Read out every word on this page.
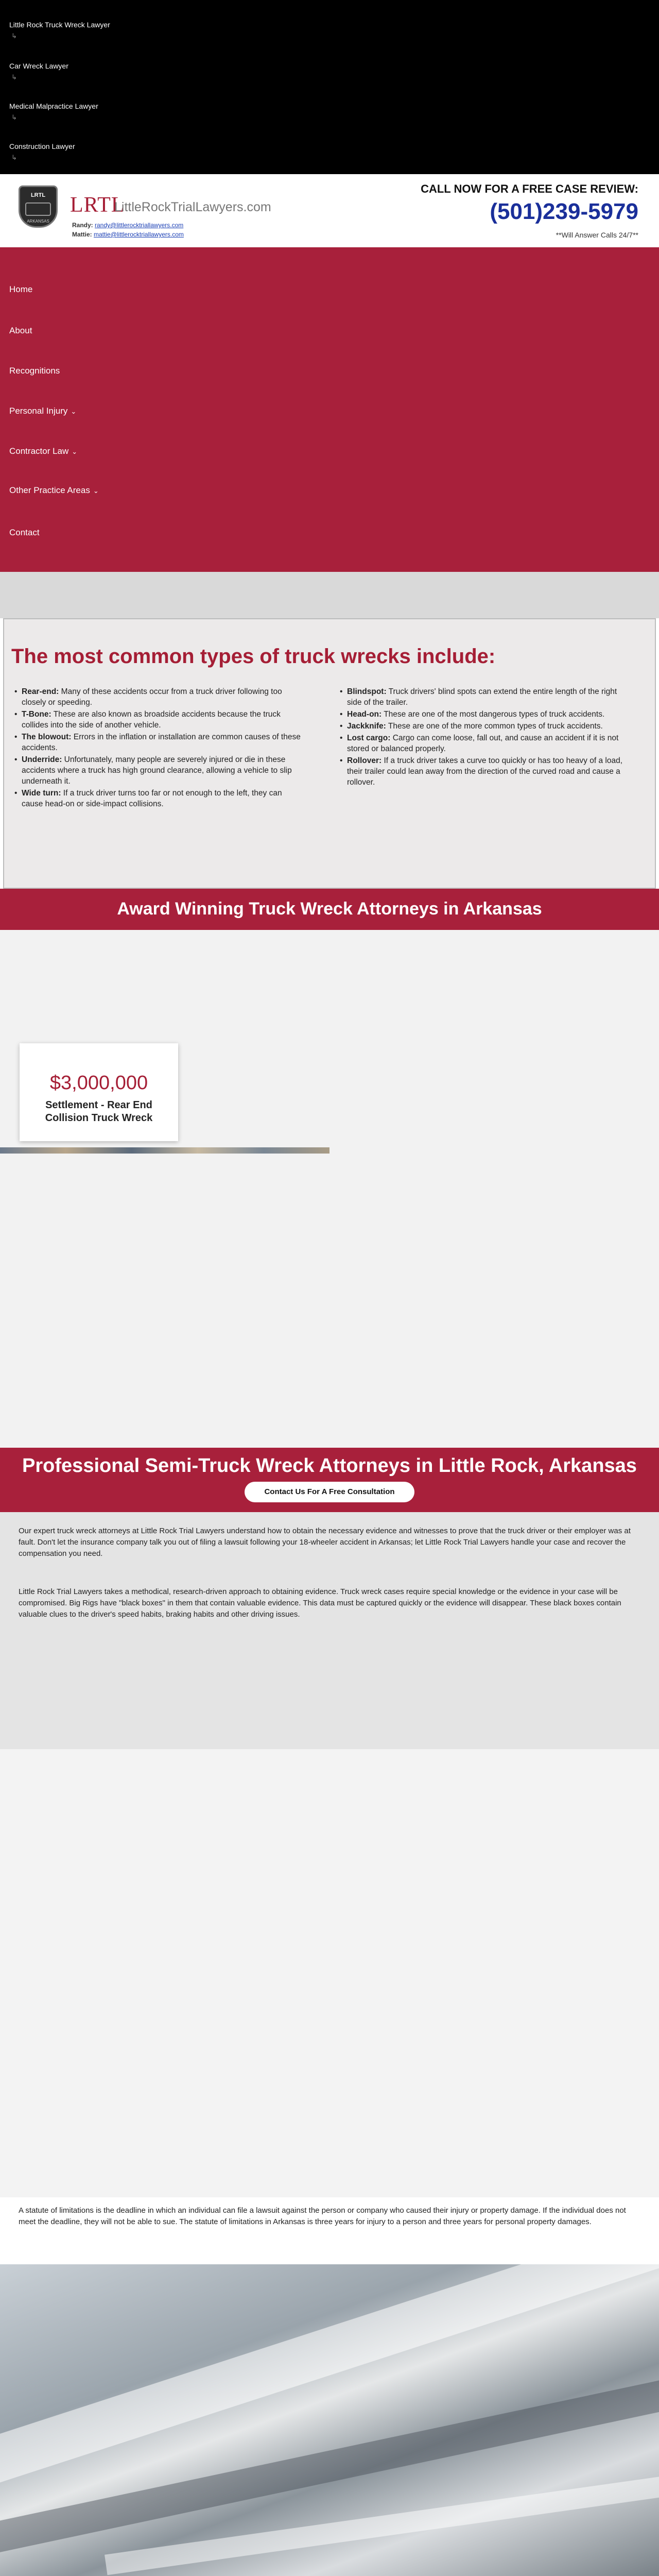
Little Rock Truck Wreck Lawyer
↳
Car Wreck Lawyer
↳
Medical Malpractice Lawyer
↳
Construction Lawyer
↳
LRTL
ARKANSAS
LRTL
LittleRockTrialLawyers.com
Randy: randy@littlerocktriallawyers.com
Mattie: mattie@littlerocktriallawyers.com
CALL NOW FOR A FREE CASE REVIEW:
(501)239-5979
**Will Answer Calls 24/7**
Home
About
Recognitions
Personal Injury ⌄
Contractor Law ⌄
Other Practice Areas ⌄
Contact
The most common types of truck wrecks include:
• Rear-end: Many of these accidents occur from a truck driver following too closely or speeding.
• T-Bone: These are also known as broadside accidents because the truck collides into the side of another vehicle.
• The blowout: Errors in the inflation or installation are common causes of these accidents.
• Underride: Unfortunately, many people are severely injured or die in these accidents where a truck has high ground clearance, allowing a vehicle to slip underneath it.
• Wide turn: If a truck driver turns too far or not enough to the left, they can cause head-on or side-impact collisions.
• Blindspot: Truck drivers' blind spots can extend the entire length of the right side of the trailer.
• Head-on: These are one of the most dangerous types of truck accidents.
• Jackknife: These are one of the more common types of truck accidents.
• Lost cargo: Cargo can come loose, fall out, and cause an accident if it is not stored or balanced properly.
• Rollover: If a truck driver takes a curve too quickly or has too heavy of a load, their trailer could lean away from the direction of the curved road and cause a rollover.
Award Winning Truck Wreck Attorneys in Arkansas
$3,000,000
Settlement - Rear End Collision Truck Wreck
Professional Semi-Truck Wreck Attorneys in Little Rock, Arkansas
Contact Us For A Free Consultation

Our expert truck wreck attorneys at Little Rock Trial Lawyers understand how to obtain the necessary evidence and witnesses to prove that the truck driver or their employer was at fault. Don't let the insurance company talk you out of filing a lawsuit following your 18-wheeler accident in Arkansas; let Little Rock Trial Lawyers handle your case and recover the compensation you need.

Little Rock Trial Lawyers takes a methodical, research-driven approach to obtaining evidence. Truck wreck cases require special knowledge or the evidence in your case will be compromised. Big Rigs have "black boxes" in them that contain valuable evidence. This data must be captured quickly or the evidence will disappear. These black boxes contain valuable clues to the driver's speed habits, braking habits and other driving issues.

A statute of limitations is the deadline in which an individual can file a lawsuit against the person or company who caused their injury or property damage. If the individual does not meet the deadline, they will not be able to sue. The statute of limitations in Arkansas is three years for injury to a person and three years for personal property damages.
